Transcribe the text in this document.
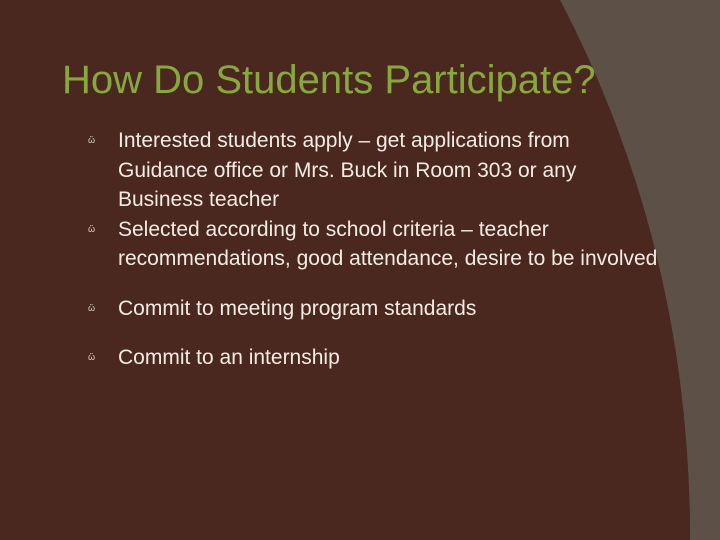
How Do Students Participate?
ὣ Interested students apply – get applications from Guidance office or Mrs. Buck in Room 303 or any Business teacher
ὣ Selected according to school criteria – teacher recommendations, good attendance, desire to be involved
ὣ Commit to meeting program standards
ὣ Commit to an internship
